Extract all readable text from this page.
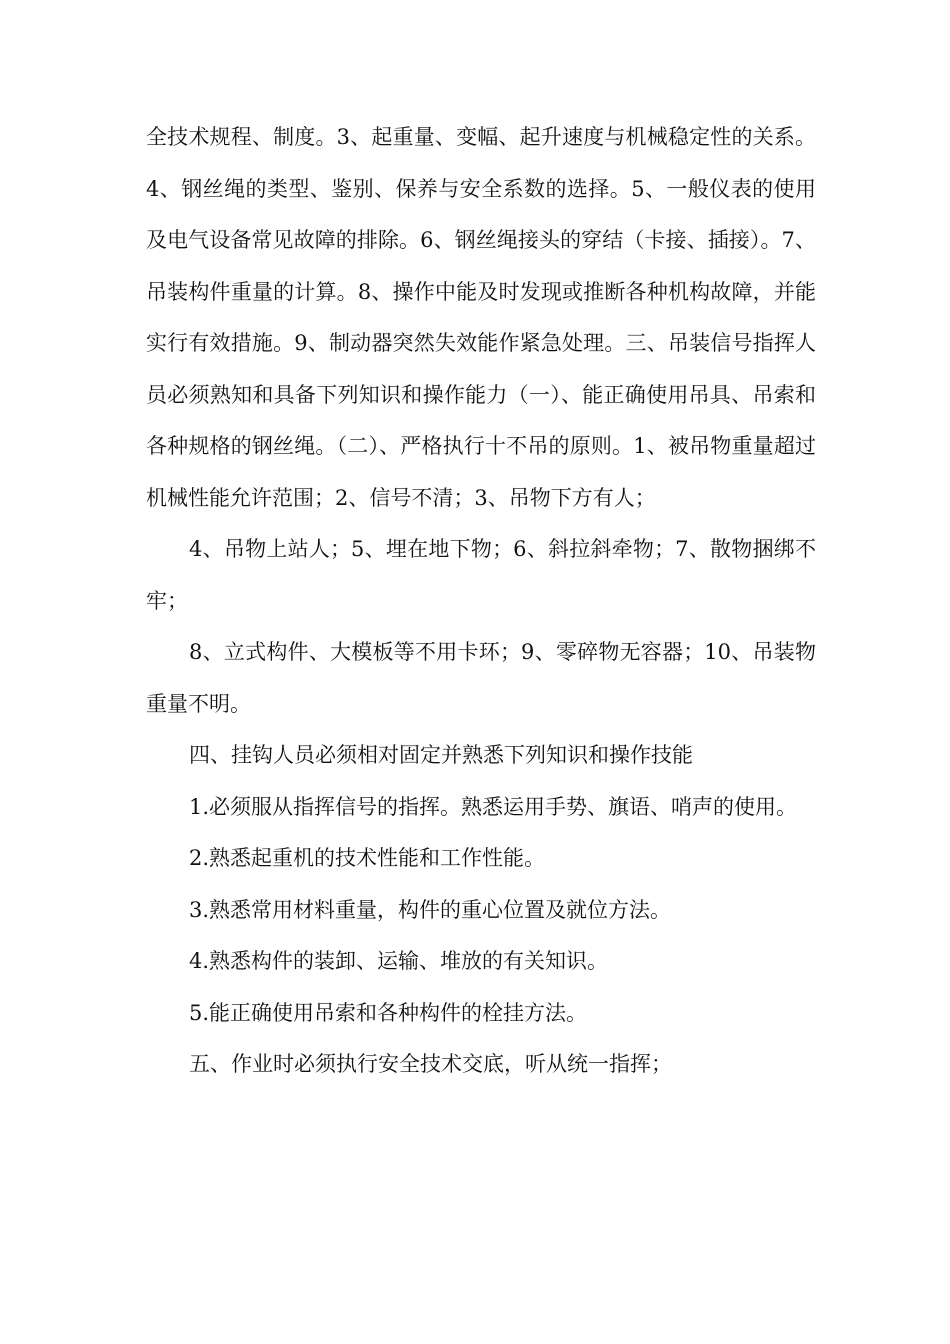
全技术规程、制度。3、起重量、变幅、起升速度与机械稳定性的关系。4、钢丝绳的类型、鉴别、保养与安全系数的选择。5、一般仪表的使用及电气设备常见故障的排除。6、钢丝绳接头的穿结（卡接、插接）。7、吊装构件重量的计算。8、操作中能及时发现或推断各种机构故障，并能实行有效措施。9、制动器突然失效能作紧急处理。三、吊装信号指挥人员必须熟知和具备下列知识和操作能力（一）、能正确使用吊具、吊索和各种规格的钢丝绳。（二）、严格执行十不吊的原则。1、被吊物重量超过机械性能允许范围；2、信号不清；3、吊物下方有人；

4、吊物上站人；5、埋在地下物；6、斜拉斜牵物；7、散物捆绑不牢；

8、立式构件、大模板等不用卡环；9、零碎物无容器；10、吊装物重量不明。

四、挂钩人员必须相对固定并熟悉下列知识和操作技能

1.必须服从指挥信号的指挥。熟悉运用手势、旗语、哨声的使用。

2.熟悉起重机的技术性能和工作性能。

3.熟悉常用材料重量，构件的重心位置及就位方法。

4.熟悉构件的装卸、运输、堆放的有关知识。

5.能正确使用吊索和各种构件的栓挂方法。

五、作业时必须执行安全技术交底，听从统一指挥；
